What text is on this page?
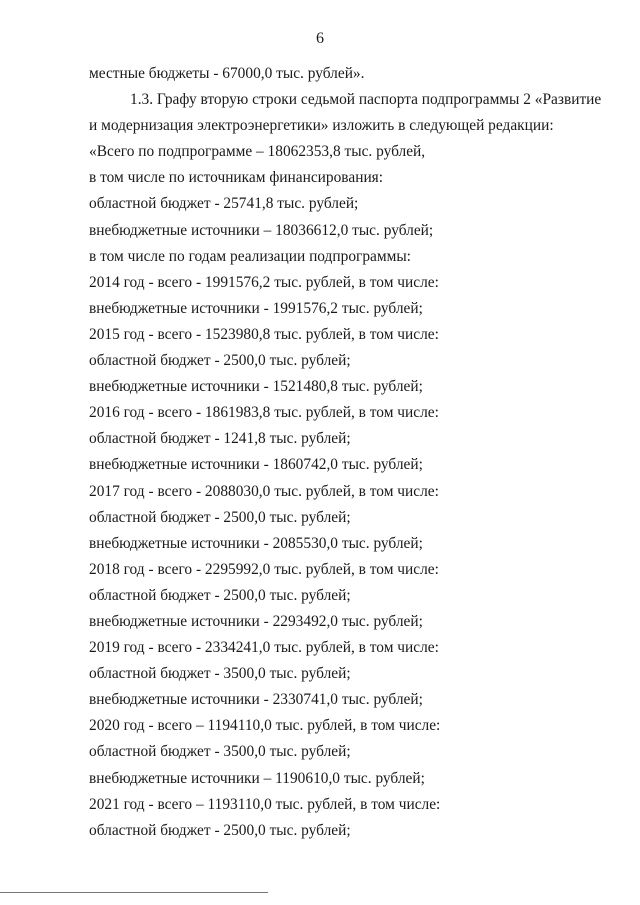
6
местные бюджеты - 67000,0 тыс. рублей».
1.3. Графу вторую строки седьмой паспорта подпрограммы 2 «Развитие
и модернизация электроэнергетики» изложить в следующей редакции:
«Всего по подпрограмме – 18062353,8 тыс. рублей,
в том числе по источникам финансирования:
областной бюджет - 25741,8 тыс. рублей;
внебюджетные источники – 18036612,0 тыс. рублей;
в том числе по годам реализации подпрограммы:
2014 год - всего - 1991576,2 тыс. рублей, в том числе:
внебюджетные источники - 1991576,2 тыс. рублей;
2015 год - всего - 1523980,8 тыс. рублей, в том числе:
областной бюджет - 2500,0 тыс. рублей;
внебюджетные источники - 1521480,8 тыс. рублей;
2016 год - всего - 1861983,8 тыс. рублей, в том числе:
областной бюджет - 1241,8 тыс. рублей;
внебюджетные источники - 1860742,0 тыс. рублей;
2017 год - всего - 2088030,0 тыс. рублей, в том числе:
областной бюджет - 2500,0 тыс. рублей;
внебюджетные источники - 2085530,0 тыс. рублей;
2018 год - всего - 2295992,0 тыс. рублей, в том числе:
областной бюджет - 2500,0 тыс. рублей;
внебюджетные источники - 2293492,0 тыс. рублей;
2019 год - всего - 2334241,0 тыс. рублей, в том числе:
областной бюджет - 3500,0 тыс. рублей;
внебюджетные источники - 2330741,0 тыс. рублей;
2020 год - всего – 1194110,0 тыс. рублей, в том числе:
областной бюджет - 3500,0 тыс. рублей;
внебюджетные источники – 1190610,0 тыс. рублей;
2021 год - всего – 1193110,0 тыс. рублей, в том числе:
областной бюджет - 2500,0 тыс. рублей;
